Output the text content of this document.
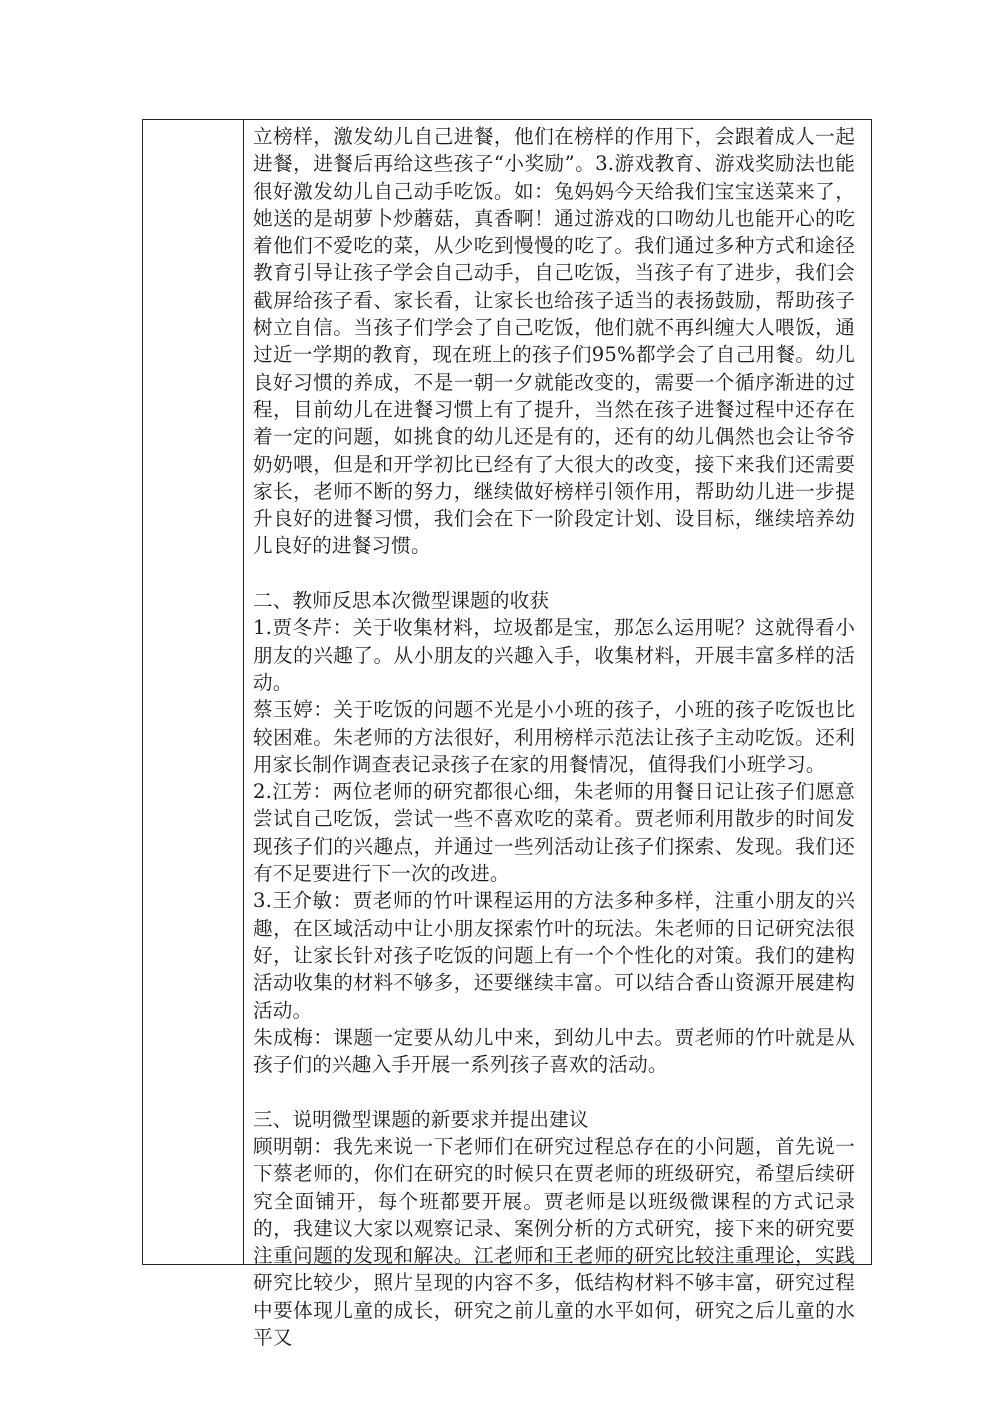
立榜样，激发幼儿自己进餐，他们在榜样的作用下，会跟着成人一起进餐，进餐后再给这些孩子“小奖励”。3.游戏教育、游戏奖励法也能很好激发幼儿自己动手吃饭。如：兔妈妈今天给我们宝宝送菜来了，她送的是胡萝卜炒蘑菇，真香啊！通过游戏的口吻幼儿也能开心的吃着他们不爱吃的菜，从少吃到慢慢的吃了。我们通过多种方式和途径教育引导让孩子学会自己动手，自己吃饭，当孩子有了进步，我们会截屏给孩子看、家长看，让家长也给孩子适当的表扬鼓励，帮助孩子树立自信。当孩子们学会了自己吃饭，他们就不再纠缠大人喂饭，通过近一学期的教育，现在班上的孩子们95%都学会了自己用餐。幼儿良好习惯的养成，不是一朝一夕就能改变的，需要一个循序渐进的过程，目前幼儿在进餐习惯上有了提升，当然在孩子进餐过程中还存在着一定的问题，如挑食的幼儿还是有的，还有的幼儿偶然也会让爷爷奶奶喂，但是和开学初比已经有了大很大的改变，接下来我们还需要家长，老师不断的努力，继续做好榜样引领作用，帮助幼儿进一步提升良好的进餐习惯，我们会在下一阶段定计划、设目标，继续培养幼儿良好的进餐习惯。

二、教师反思本次微型课题的收获

1.贾冬芹：关于收集材料，垃圾都是宝，那怎么运用呢？这就得看小朋友的兴趣了。从小朋友的兴趣入手，收集材料，开展丰富多样的活动。

蔡玉婷：关于吃饭的问题不光是小小班的孩子，小班的孩子吃饭也比较困难。朱老师的方法很好，利用榜样示范法让孩子主动吃饭。还利用家长制作调查表记录孩子在家的用餐情况，值得我们小班学习。

2.江芳：两位老师的研究都很心细，朱老师的用餐日记让孩子们愿意尝试自己吃饭，尝试一些不喜欢吃的菜肴。贾老师利用散步的时间发现孩子们的兴趣点，并通过一些列活动让孩子们探索、发现。我们还有不足要进行下一次的改进。

3.王介敏：贾老师的竹叶课程运用的方法多种多样，注重小朋友的兴趣，在区域活动中让小朋友探索竹叶的玩法。朱老师的日记研究法很好，让家长针对孩子吃饭的问题上有一个个性化的对策。我们的建构活动收集的材料不够多，还要继续丰富。可以结合香山资源开展建构活动。

朱成梅：课题一定要从幼儿中来，到幼儿中去。贾老师的竹叶就是从孩子们的兴趣入手开展一系列孩子喜欢的活动。

三、说明微型课题的新要求并提出建议

顾明朝：我先来说一下老师们在研究过程总存在的小问题，首先说一下蔡老师的，你们在研究的时候只在贾老师的班级研究，希望后续研究全面铺开，每个班都要开展。贾老师是以班级微课程的方式记录的，我建议大家以观察记录、案例分析的方式研究，接下来的研究要注重问题的发现和解决。江老师和王老师的研究比较注重理论，实践研究比较少，照片呈现的内容不多，低结构材料不够丰富，研究过程中要体现儿童的成长，研究之前儿童的水平如何，研究之后儿童的水平又
